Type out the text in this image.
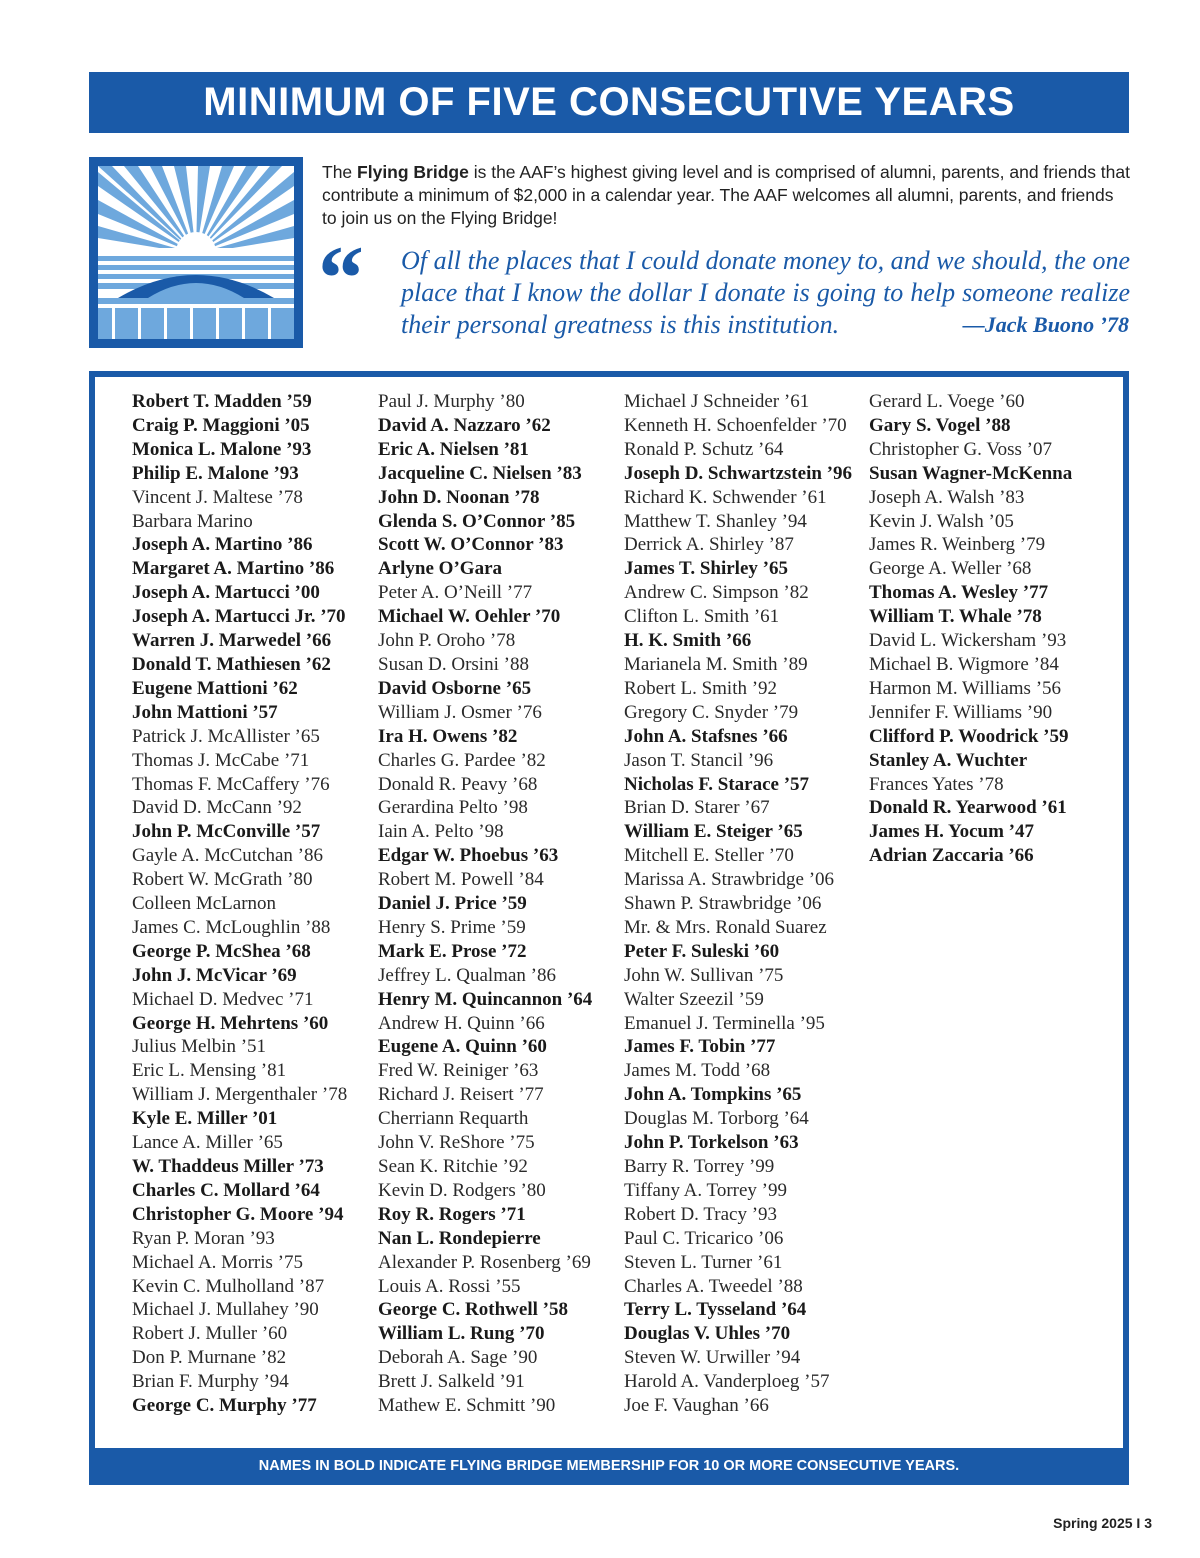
MINIMUM OF FIVE CONSECUTIVE YEARS
The Flying Bridge is the AAF’s highest giving level and is comprised of alumni, parents, and friends that contribute a minimum of $2,000 in a calendar year. The AAF welcomes all alumni, parents, and friends to join us on the Flying Bridge!
“ Of all the places that I could donate money to, and we should, the one place that I know the dollar I donate is going to help someone realize their personal greatness is this institution.	—Jack Buono ’78
Robert T. Madden ’59
Craig P. Maggioni ’05
Monica L. Malone ’93
Philip E. Malone ’93
Vincent J. Maltese ’78
Barbara Marino
Joseph A. Martino ’86
Margaret A. Martino ’86
Joseph A. Martucci ’00
Joseph A. Martucci Jr. ’70
Warren J. Marwedel ’66
Donald T. Mathiesen ’62
Eugene Mattioni ’62
John Mattioni ’57
Patrick J. McAllister ’65
Thomas J. McCabe ’71
Thomas F. McCaffery ’76
David D. McCann ’92
John P. McConville ’57
Gayle A. McCutchan ’86
Robert W. McGrath ’80
Colleen McLarnon
James C. McLoughlin ’88
George P. McShea ’68
John J. McVicar ’69
Michael D. Medvec ’71
George H. Mehrtens ’60
Julius Melbin ’51
Eric L. Mensing ’81
William J. Mergenthaler ’78
Kyle E. Miller ’01
Lance A. Miller ’65
W. Thaddeus Miller ’73
Charles C. Mollard ’64
Christopher G. Moore ’94
Ryan P. Moran ’93
Michael A. Morris ’75
Kevin C. Mulholland ’87
Michael J. Mullahey ’90
Robert J. Muller ’60
Don P. Murnane ’82
Brian F. Murphy ’94
George C. Murphy ’77
Paul J. Murphy ’80
David A. Nazzaro ’62
Eric A. Nielsen ’81
Jacqueline C. Nielsen ’83
John D. Noonan ’78
Glenda S. O’Connor ’85
Scott W. O’Connor ’83
Arlyne O’Gara
Peter A. O’Neill ’77
Michael W. Oehler ’70
John P. Oroho ’78
Susan D. Orsini ’88
David Osborne ’65
William J. Osmer ’76
Ira H. Owens ’82
Charles G. Pardee ’82
Donald R. Peavy ’68
Gerardina Pelto ’98
Iain A. Pelto ’98
Edgar W. Phoebus ’63
Robert M. Powell ’84
Daniel J. Price ’59
Henry S. Prime ’59
Mark E. Prose ’72
Jeffrey L. Qualman ’86
Henry M. Quincannon ’64
Andrew H. Quinn ’66
Eugene A. Quinn ’60
Fred W. Reiniger ’63
Richard J. Reisert ’77
Cherriann Requarth
John V. ReShore ’75
Sean K. Ritchie ’92
Kevin D. Rodgers ’80
Roy R. Rogers ’71
Nan L. Rondepierre
Alexander P. Rosenberg ’69
Louis A. Rossi ’55
George C. Rothwell ’58
William L. Rung ’70
Deborah A. Sage ’90
Brett J. Salkeld ’91
Mathew E. Schmitt ’90
Michael J Schneider ’61
Kenneth H. Schoenfelder ’70
Ronald P. Schutz ’64
Joseph D. Schwartzstein ’96
Richard K. Schwender ’61
Matthew T. Shanley ’94
Derrick A. Shirley ’87
James T. Shirley ’65
Andrew C. Simpson ’82
Clifton L. Smith ’61
H. K. Smith ’66
Marianela M. Smith ’89
Robert L. Smith ’92
Gregory C. Snyder ’79
John A. Stafsnes ’66
Jason T. Stancil ’96
Nicholas F. Starace ’57
Brian D. Starer ’67
William E. Steiger ’65
Mitchell E. Steller ’70
Marissa A. Strawbridge ’06
Shawn P. Strawbridge ’06
Mr. & Mrs. Ronald Suarez
Peter F. Suleski ’60
John W. Sullivan ’75
Walter Szeezil ’59
Emanuel J. Terminella ’95
James F. Tobin ’77
James M. Todd ’68
John A. Tompkins ’65
Douglas M. Torborg ’64
John P. Torkelson ’63
Barry R. Torrey ’99
Tiffany A. Torrey ’99
Robert D. Tracy ’93
Paul C. Tricarico ’06
Steven L. Turner ’61
Charles A. Tweedel ’88
Terry L. Tysseland ’64
Douglas V. Uhles ’70
Steven W. Urwiller ’94
Harold A. Vanderploeg ’57
Joe F. Vaughan ’66
Gerard L. Voege ’60
Gary S. Vogel ’88
Christopher G. Voss ’07
Susan Wagner-McKenna
Joseph A. Walsh ’83
Kevin J. Walsh ’05
James R. Weinberg ’79
George A. Weller ’68
Thomas A. Wesley ’77
William T. Whale ’78
David L. Wickersham ’93
Michael B. Wigmore ’84
Harmon M. Williams ’56
Jennifer F. Williams ’90
Clifford P. Woodrick ’59
Stanley A. Wuchter
Frances Yates ’78
Donald R. Yearwood ’61
James H. Yocum ’47
Adrian Zaccaria ’66
NAMES IN BOLD INDICATE FLYING BRIDGE MEMBERSHIP FOR 10 OR MORE CONSECUTIVE YEARS.
Spring 2025 I 3
